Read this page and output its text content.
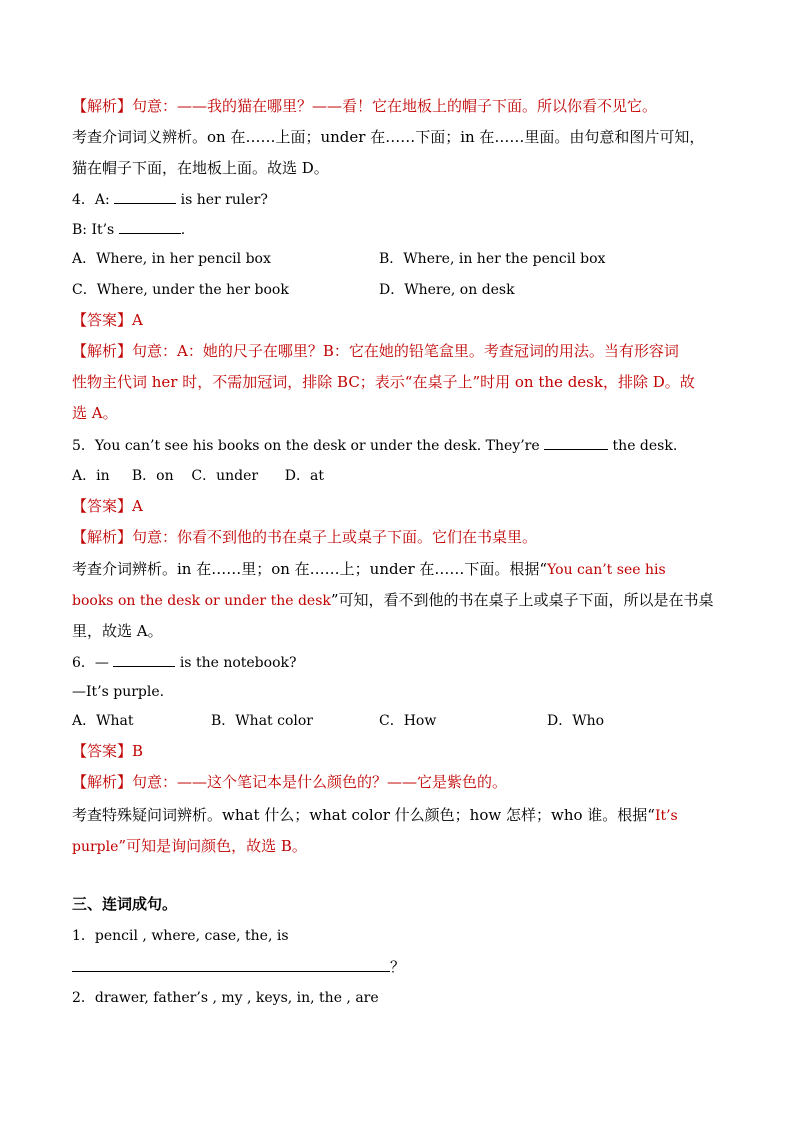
【解析】句意：——我的猫在哪里？——看！它在地板上的帽子下面。所以你看不见它。
考查介词词义辨析。on 在……上面；under 在……下面；in 在……里面。由句意和图片可知，
猫在帽子下面，在地板上面。故选 D。
4．A:	is her ruler?
B: It’s	.
A．Where, in her pencil box	B．Where, in her the pencil box
C．Where, under the her book	D．Where, on desk
【答案】A
【解析】句意：A：她的尺子在哪里？B：它在她的铅笔盒里。考查冠词的用法。当有形容词
性物主代词 her 时，不需加冠词，排除 BC；表示“在桌子上”时用 on the desk，排除 D。故
选 A。
5．You can’t see his books on the desk or under the desk. They’re	the desk.
A．in     B．on    C．under      D．at
【答案】A
【解析】句意：你看不到他的书在桌子上或桌子下面。它们在书桌里。
考查介词辨析。in 在……里；on 在……上；under 在……下面。根据“You can’t see his
books on the desk or under the desk”可知，看不到他的书在桌子上或桌子下面，所以是在书桌
里，故选 A。
6．—	is the notebook?
—It’s purple.
A．What	B．What color	C．How	D．Who
【答案】B
【解析】句意：——这个笔记本是什么颜色的？——它是紫色的。
考查特殊疑问词辨析。what 什么；what color 什么颜色；how 怎样；who 谁。根据“It’s
purple”可知是询问颜色，故选 B。
三、连词成句。
1．pencil , where, case, the, is
？
2．drawer, father’s , my , keys, in, the , are
